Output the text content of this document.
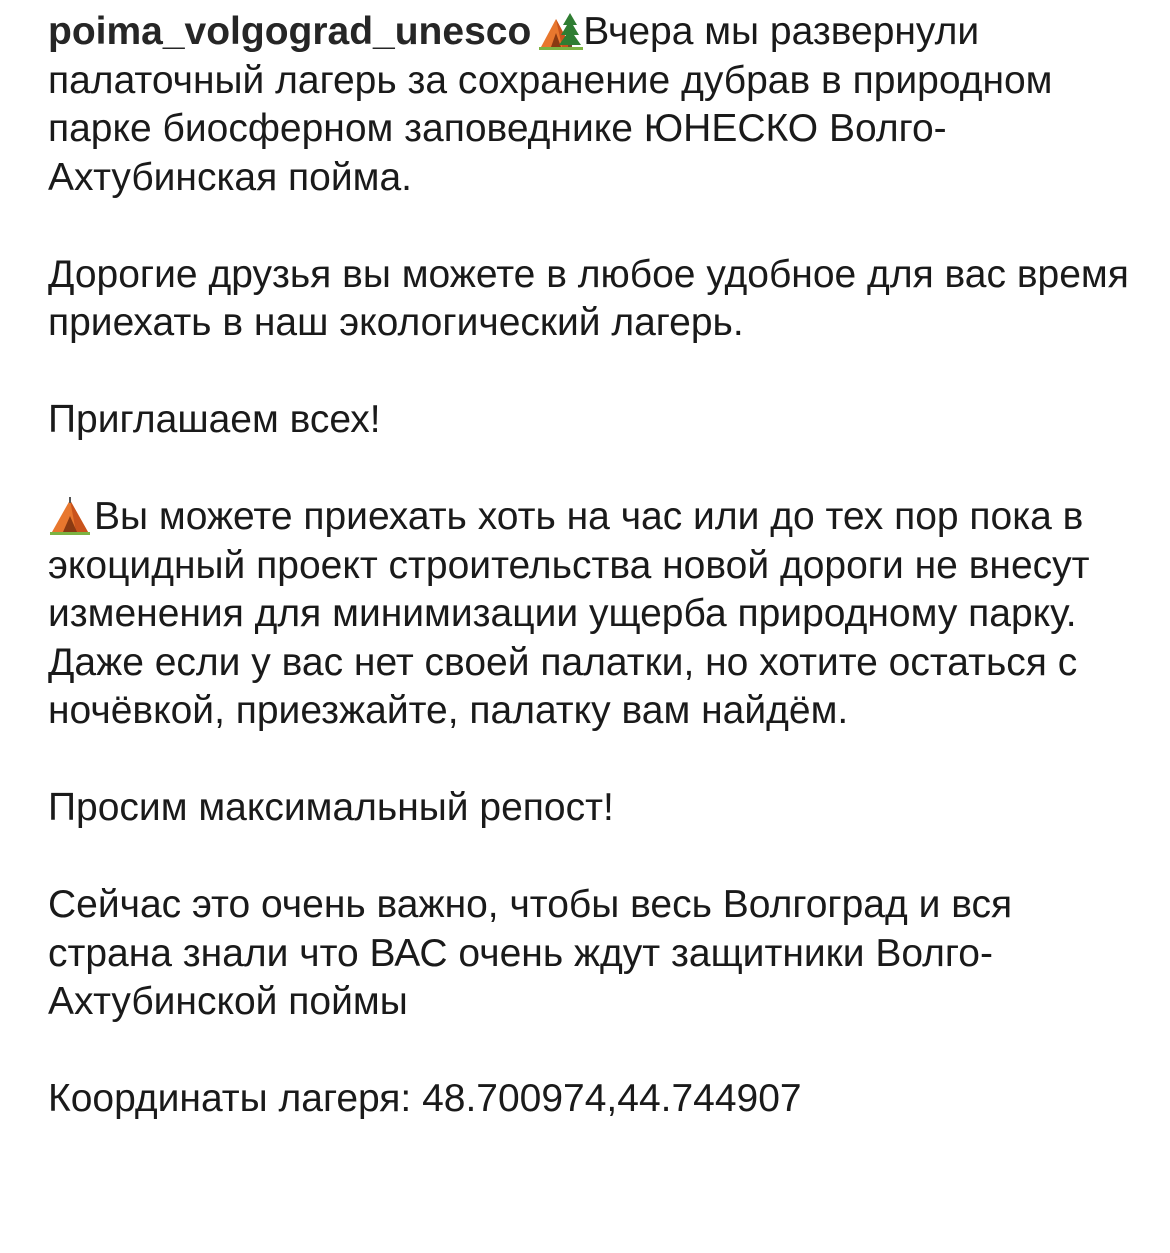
poima_volgograd_unesco Вчера мы развернули палаточный лагерь за сохранение дубрав в природном парке биосферном заповеднике ЮНЕСКО Волго-Ахтубинская пойма.

Дорогие друзья вы можете в любое удобное для вас время приехать в наш экологический лагерь.

Приглашаем всех!

Вы можете приехать хоть на час или до тех пор пока в экоцидный проект строительства новой дороги не внесут изменения для минимизации ущерба природному парку. Даже если у вас нет своей палатки, но хотите остаться с ночёвкой, приезжайте, палатку вам найдём.

Просим максимальный репост!

Сейчас это очень важно, чтобы весь Волгоград и вся страна знали что ВАС очень ждут защитники Волго-Ахтубинской поймы

Координаты лагеря: 48.700974,44.744907
